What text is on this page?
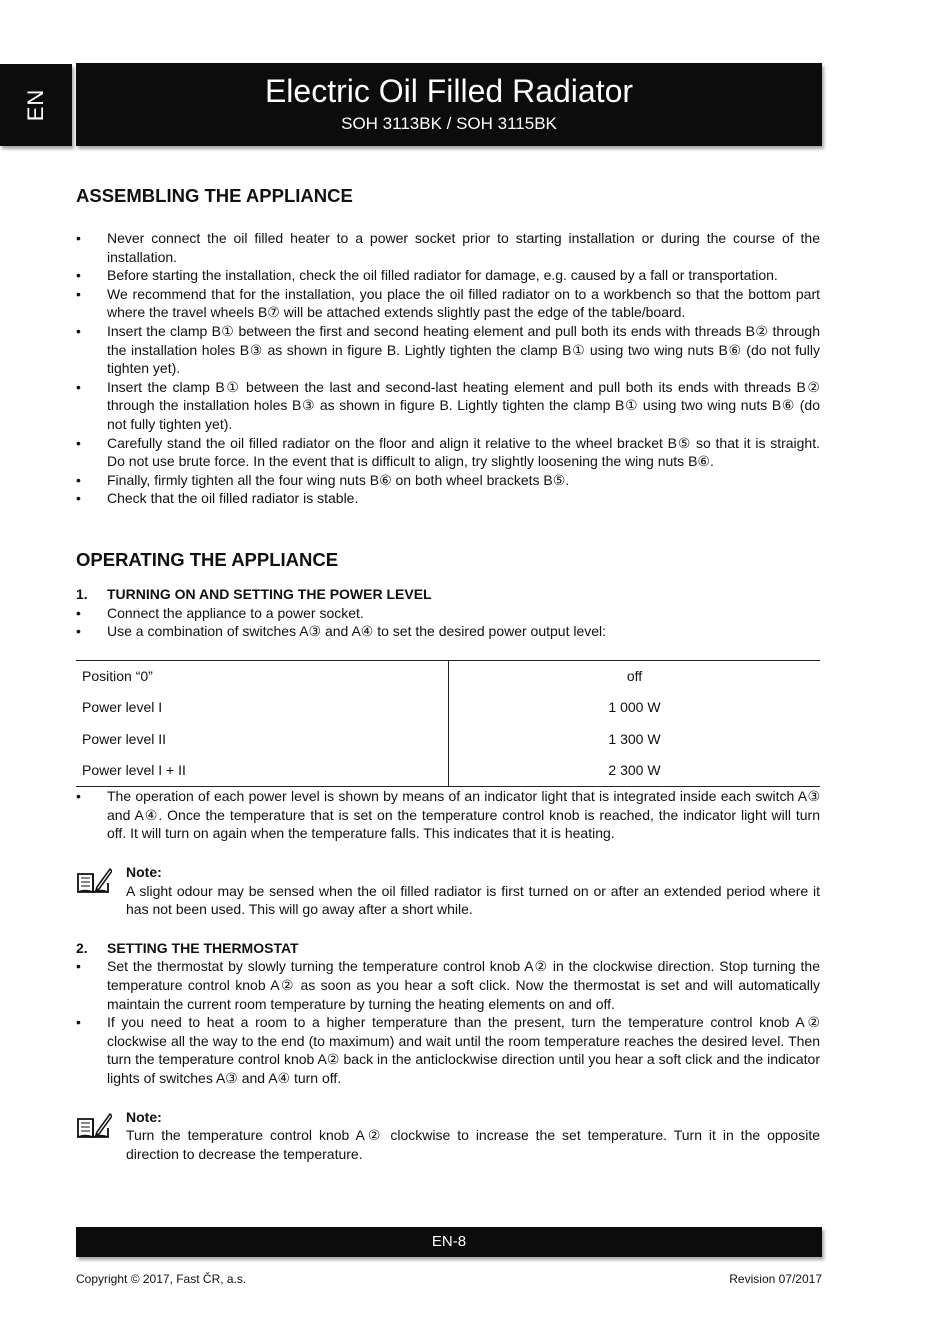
EN	Electric Oil Filled Radiator
SOH 3113BK / SOH 3115BK
ASSEMBLING THE APPLIANCE
• Never connect the oil filled heater to a power socket prior to starting installation or during the course of the installation.
• Before starting the installation, check the oil filled radiator for damage, e.g. caused by a fall or transportation.
• We recommend that for the installation, you place the oil filled radiator on to a workbench so that the bottom part where the travel wheels B⑦ will be attached extends slightly past the edge of the table/board.
• Insert the clamp B① between the first and second heating element and pull both its ends with threads B② through the installation holes B③ as shown in figure B. Lightly tighten the clamp B① using two wing nuts B⑥ (do not fully tighten yet).
• Insert the clamp B① between the last and second-last heating element and pull both its ends with threads B② through the installation holes B③ as shown in figure B. Lightly tighten the clamp B① using two wing nuts B⑥ (do not fully tighten yet).
• Carefully stand the oil filled radiator on the floor and align it relative to the wheel bracket B⑤ so that it is straight. Do not use brute force. In the event that is difficult to align, try slightly loosening the wing nuts B⑥.
• Finally, firmly tighten all the four wing nuts B⑥ on both wheel brackets B⑤.
• Check that the oil filled radiator is stable.
OPERATING THE APPLIANCE
1. TURNING ON AND SETTING THE POWER LEVEL
• Connect the appliance to a power socket.
• Use a combination of switches A③ and A④ to set the desired power output level:
Position “0”	off
Power level I	1 000 W
Power level II	1 300 W
Power level I + II	2 300 W
• The operation of each power level is shown by means of an indicator light that is integrated inside each switch A③ and A④. Once the temperature that is set on the temperature control knob is reached, the indicator light will turn off. It will turn on again when the temperature falls. This indicates that it is heating.
Note:
A slight odour may be sensed when the oil filled radiator is first turned on or after an extended period where it has not been used. This will go away after a short while.
2. SETTING THE THERMOSTAT
• Set the thermostat by slowly turning the temperature control knob A② in the clockwise direction. Stop turning the temperature control knob A② as soon as you hear a soft click. Now the thermostat is set and will automatically maintain the current room temperature by turning the heating elements on and off.
• If you need to heat a room to a higher temperature than the present, turn the temperature control knob A② clockwise all the way to the end (to maximum) and wait until the room temperature reaches the desired level. Then turn the temperature control knob A② back in the anticlockwise direction until you hear a soft click and the indicator lights of switches A③ and A④ turn off.
Note:
Turn the temperature control knob A② clockwise to increase the set temperature. Turn it in the opposite direction to decrease the temperature.
EN-8
Copyright © 2017, Fast ČR, a.s.	Revision 07/2017
